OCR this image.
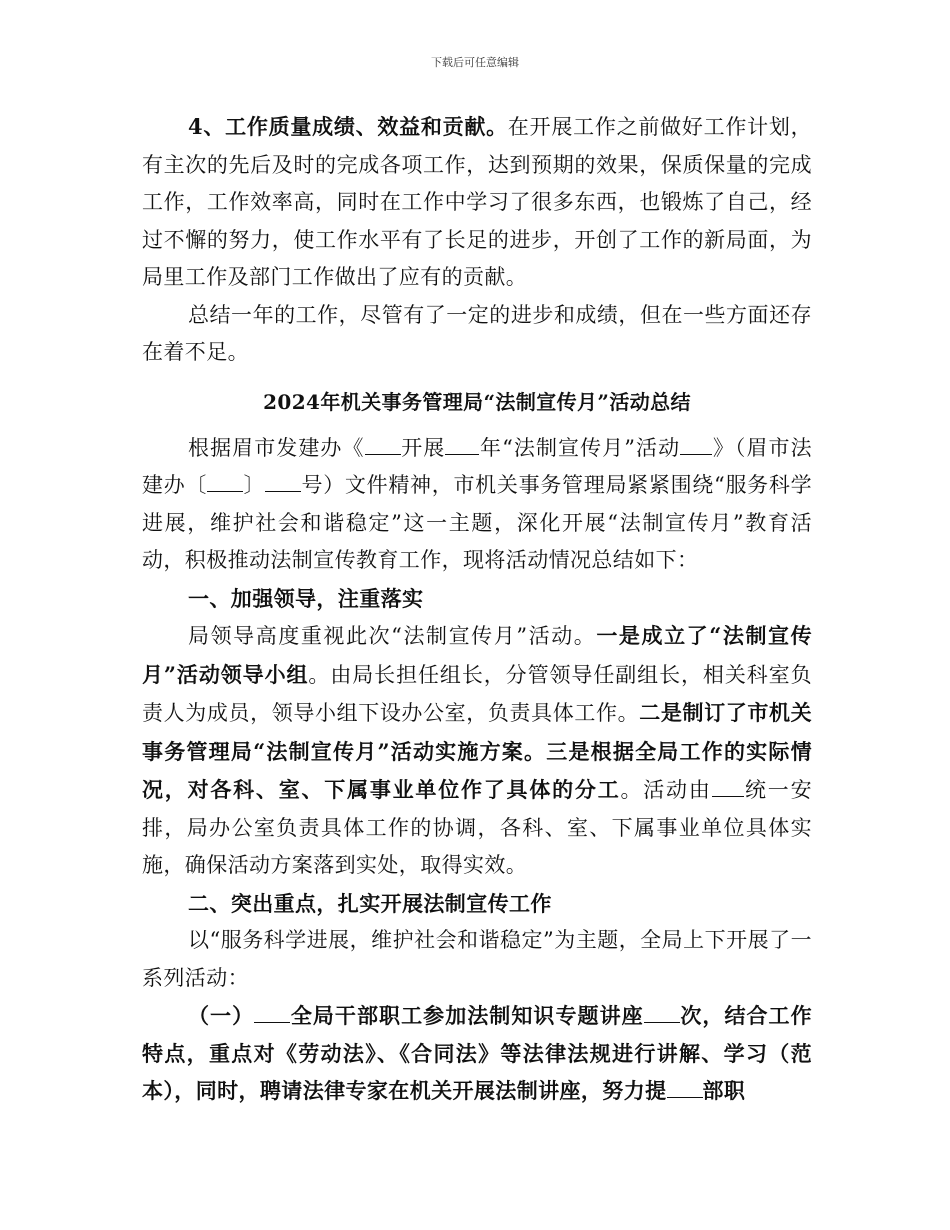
下载后可任意编辑

4、工作质量成绩、效益和贡献。在开展工作之前做好工作计划，有主次的先后及时的完成各项工作，达到预期的效果，保质保量的完成工作，工作效率高，同时在工作中学习了很多东西，也锻炼了自己，经过不懈的努力，使工作水平有了长足的进步，开创了工作的新局面，为局里工作及部门工作做出了应有的贡献。

总结一年的工作，尽管有了一定的进步和成绩，但在一些方面还存在着不足。

2024年机关事务管理局“法制宣传月”活动总结

根据眉市发建办《 开展 年“法制宣传月”活动 》（眉市法建办〔 〕 号）文件精神，市机关事务管理局紧紧围绕“服务科学进展，维护社会和谐稳定”这一主题，深化开展“法制宣传月”教育活动，积极推动法制宣传教育工作，现将活动情况总结如下：

一、加强领导，注重落实

局领导高度重视此次“法制宣传月”活动。一是成立了“法制宣传月”活动领导小组。由局长担任组长，分管领导任副组长，相关科室负责人为成员，领导小组下设办公室，负责具体工作。二是制订了市机关事务管理局“法制宣传月”活动实施方案。三是根据全局工作的实际情况，对各科、室、下属事业单位作了具体的分工。活动由 统一安排，局办公室负责具体工作的协调，各科、室、下属事业单位具体实施，确保活动方案落到实处，取得实效。

二、突出重点，扎实开展法制宣传工作

以“服务科学进展，维护社会和谐稳定”为主题，全局上下开展了一系列活动：

（一） 全局干部职工参加法制知识专题讲座 次，结合工作特点，重点对《劳动法》、《合同法》等法律法规进行讲解、学习（范本），同时，聘请法律专家在机关开展法制讲座，努力提 部职
